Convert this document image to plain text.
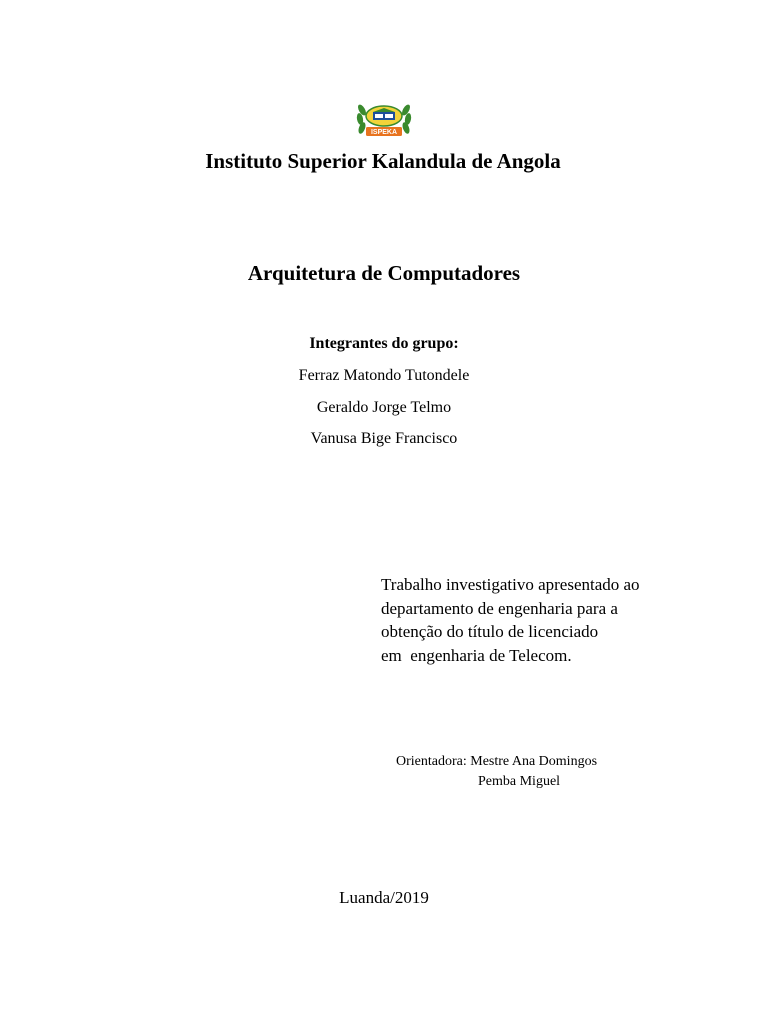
ISPEKA
Instituto Superior Kalandula de Angola
Arquitetura de Computadores
Integrantes do grupo:
Ferraz Matondo Tutondele
Geraldo Jorge Telmo
Vanusa Bige Francisco
Trabalho investigativo apresentado ao
departamento de engenharia para a
obtenção do título de licenciado
em  engenharia de Telecom.
Orientadora: Mestre Ana Domingos
Pemba Miguel
Luanda/2019
